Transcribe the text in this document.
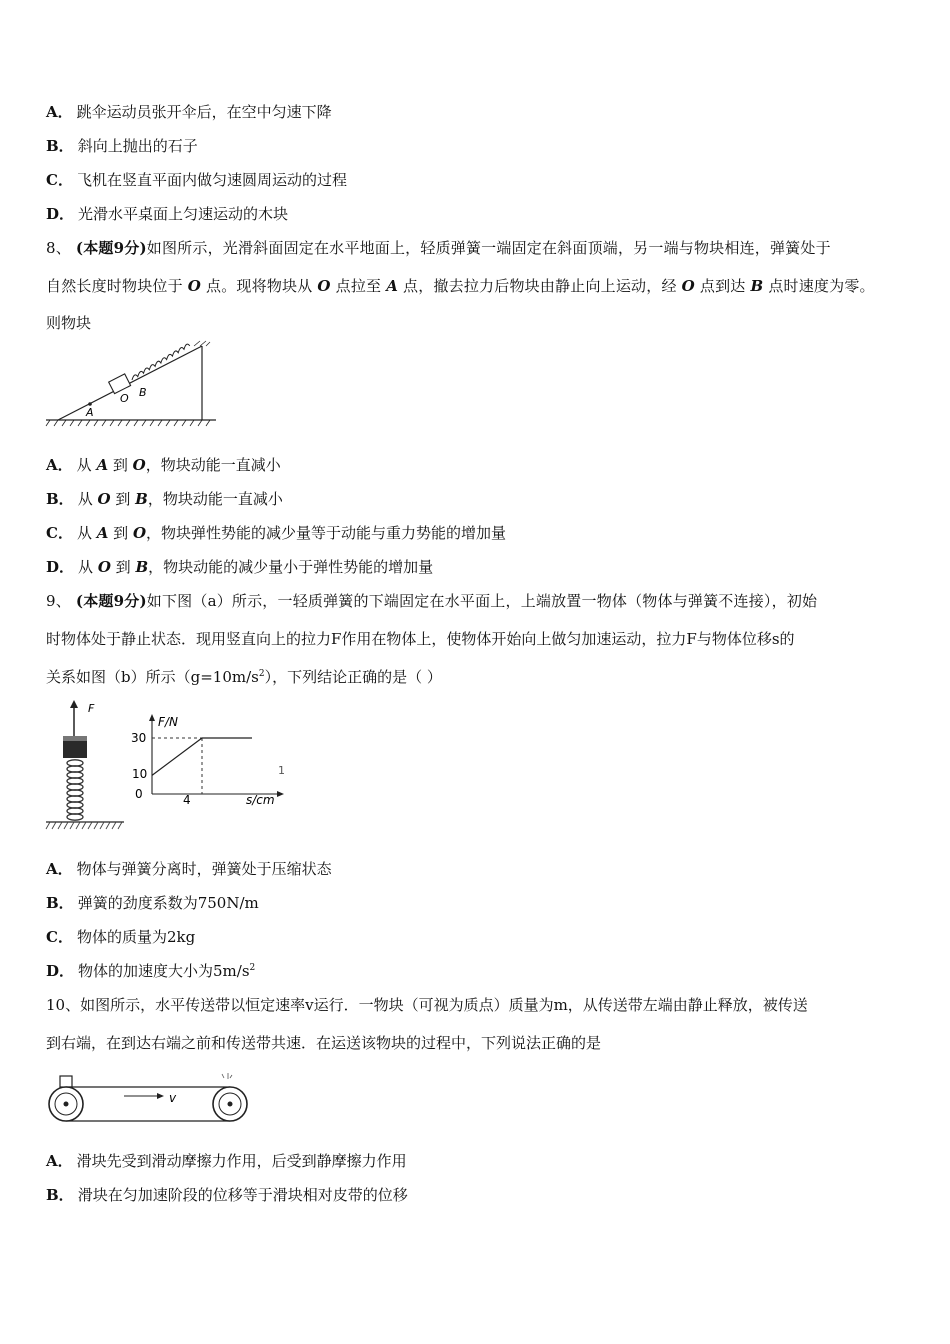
A． 跳伞运动员张开伞后，在空中匀速下降
B． 斜向上抛出的石子
C． 飞机在竖直平面内做匀速圆周运动的过程
D． 光滑水平桌面上匀速运动的木块
8、 (本题9分)如图所示，光滑斜面固定在水平地面上，轻质弹簧一端固定在斜面顶端，另一端与物块相连，弹簧处于
自然长度时物块位于 O 点。现将物块从 O 点拉至 A 点，撤去拉力后物块由静止向上运动，经 O 点到达 B 点时速度为零。
则物块
A
O B
A． 从 A 到 O，物块动能一直减小
B． 从 O 到 B，物块动能一直减小
C． 从 A 到 O，物块弹性势能的减少量等于动能与重力势能的增加量
D． 从 O 到 B，物块动能的减少量小于弹性势能的增加量
9、 (本题9分)如下图（a）所示，一轻质弹簧的下端固定在水平面上，上端放置一物体（物体与弹簧不连接），初始
时物体处于静止状态．现用竖直向上的拉力F作用在物体上，使物体开始向上做匀加速运动，拉力F与物体位移s的
关系如图（b）所示$(g=10m/s^2)$，下列结论正确的是（ ）
F
F/N
s/cm
30
10
0	4
1
A． 物体与弹簧分离时，弹簧处于压缩状态
B． 弹簧的劲度系数为750N/m
C． 物体的质量为2kg
D． 物体的加速度大小为$5m/s^2$
10、如图所示，水平传送带以恒定速率v运行．一物块（可视为质点）质量为m，从传送带左端由静止释放，被传送
到右端，在到达右端之前和传送带共速．在运送该物块的过程中，下列说法正确的是
v
A． 滑块先受到滑动摩擦力作用，后受到静摩擦力作用
B． 滑块在匀加速阶段的位移等于滑块相对皮带的位移
